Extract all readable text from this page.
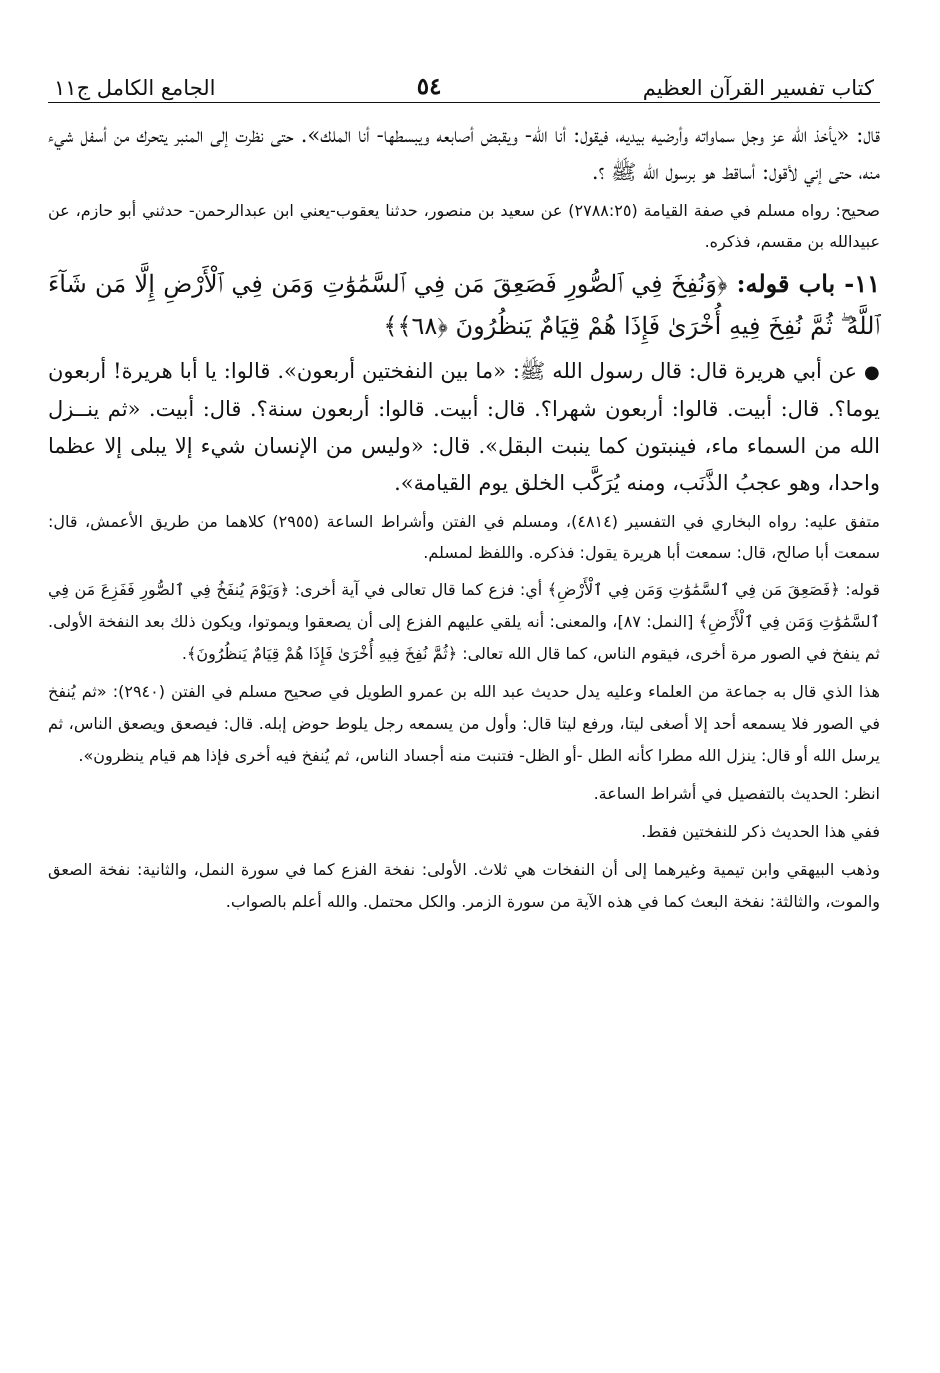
كتاب تفسير القرآن العظيم
٥٤
الجامع الكامل ج١١

قال: «يأخذ الله عز وجل سماواته وأرضيه بيديه، فيقول: أنا الله- ويقبض أصابعه ويبسطها- أنا الملك». حتى نظرت إلى المنبر يتحرك من أسفل شيء منه، حتى إني لأقول: أساقط هو برسول الله ﷺ ؟.

صحيح: رواه مسلم في صفة القيامة (٢٧٨٨:٢٥) عن سعيد بن منصور، حدثنا يعقوب-يعني ابن عبدالرحمن- حدثني أبو حازم، عن عبيدالله بن مقسم، فذكره.

١١- باب قوله: ﴿وَنُفِخَ فِي ٱلصُّورِ فَصَعِقَ مَن فِي ٱلسَّمَٰوَٰتِ وَمَن فِي ٱلْأَرْضِ إِلَّا مَن شَآءَ ٱللَّهُ ۖ ثُمَّ نُفِخَ فِيهِ أُخْرَىٰ فَإِذَا هُمْ قِيَامٌ يَنظُرُونَ ﴿٦٨﴾﴾

● عن أبي هريرة قال: قال رسول الله ﷺ: «ما بين النفختين أربعون». قالوا: يا أبا هريرة! أربعون يوما؟. قال: أبيت. قالوا: أربعون شهرا؟. قال: أبيت. قالوا: أربعون سنة؟. قال: أبيت. «ثم ينــزل الله من السماء ماء، فينبتون كما ينبت البقل». قال: «وليس من الإنسان شيء إلا يبلى إلا عظما واحدا، وهو عجبُ الذَّنَب، ومنه يُرَكَّب الخلق يوم القيامة».

متفق عليه: رواه البخاري في التفسير (٤٨١٤)، ومسلم في الفتن وأشراط الساعة (٢٩٥٥) كلاهما من طريق الأعمش، قال: سمعت أبا صالح، قال: سمعت أبا هريرة يقول: فذكره. واللفظ لمسلم.

قوله: ﴿فَصَعِقَ مَن فِي ٱلسَّمَٰوَٰتِ وَمَن فِي ٱلْأَرْضِ﴾ أي: فزع كما قال تعالى في آية أخرى: ﴿وَيَوْمَ يُنفَخُ فِي ٱلصُّورِ فَفَزِعَ مَن فِي ٱلسَّمَٰوَٰتِ وَمَن فِي ٱلْأَرْضِ﴾ [النمل: ٨٧]، والمعنى: أنه يلقي عليهم الفزع إلى أن يصعقوا ويموتوا، ويكون ذلك بعد النفخة الأولى. ثم ينفخ في الصور مرة أخرى، فيقوم الناس، كما قال الله تعالى: ﴿ثُمَّ نُفِخَ فِيهِ أُخْرَىٰ فَإِذَا هُمْ قِيَامٌ يَنظُرُونَ﴾.

هذا الذي قال به جماعة من العلماء وعليه يدل حديث عبد الله بن عمرو الطويل في صحيح مسلم في الفتن (٢٩٤٠): «ثم يُنفخ في الصور فلا يسمعه أحد إلا أصغى ليتا، ورفع ليتا قال: وأول من يسمعه رجل يلوط حوض إبله. قال: فيصعق ويصعق الناس، ثم يرسل الله أو قال: ينزل الله مطرا كأنه الطل -أو الظل- فتنبت منه أجساد الناس، ثم يُنفخ فيه أخرى فإذا هم قيام ينظرون».

انظر: الحديث بالتفصيل في أشراط الساعة.

ففي هذا الحديث ذكر للنفختين فقط.

وذهب البيهقي وابن تيمية وغيرهما إلى أن النفخات هي ثلاث. الأولى: نفخة الفزع كما في سورة النمل، والثانية: نفخة الصعق والموت، والثالثة: نفخة البعث كما في هذه الآية من سورة الزمر. والكل محتمل. والله أعلم بالصواب.
